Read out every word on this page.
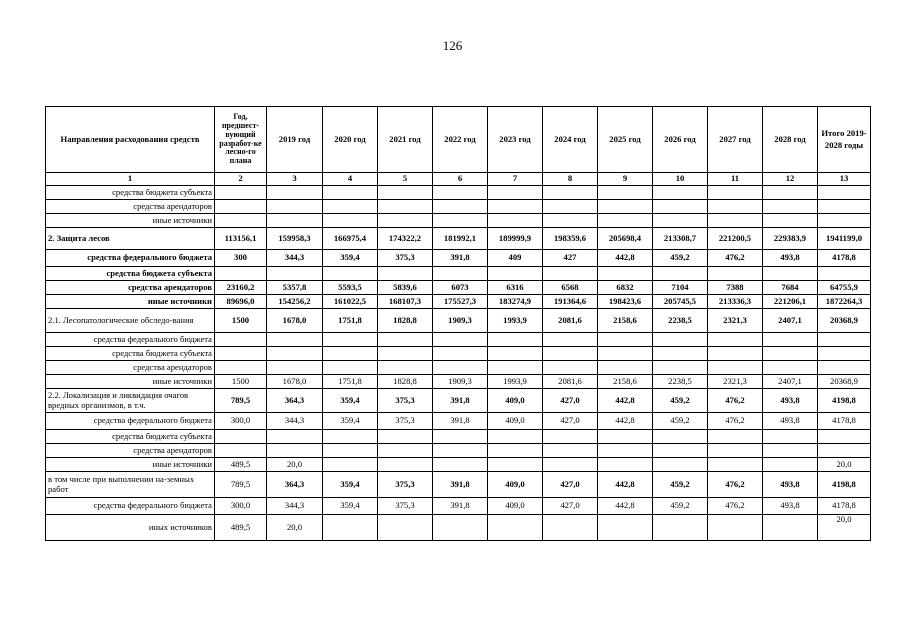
126
Направления расходования средств	Год, предшест-вующий разработ-ке лесно-го плана	2019 год	2020 год	2021 год	2022 год	2023 год	2024 год	2025 год	2026 год	2027 год	2028 год	Итого 2019-2028 годы
1	2	3	4	5	6	7	8	9	10	11	12	13
средства бюджета субъекта												
средства арендаторов												
иные источники												
2. Защита лесов	113156,1	159958,3	166975,4	174322,2	181992,1	189999,9	198359,6	205698,4	213308,7	221200,5	229383,9	1941199,0
средства федерального бюджета	300	344,3	359,4	375,3	391,8	409	427	442,8	459,2	476,2	493,8	4178,8
средства бюджета субъекта												
средства арендаторов	23160,2	5357,8	5593,5	5839,6	6073	6316	6568	6832	7104	7388	7684	64755,9
иные источники	89696,0	154256,2	161022,5	168107,3	175527,3	183274,9	191364,6	198423,6	205745,5	213336,3	221206,1	1872264,3
2.1. Лесопатологические обследо-вания	1500	1678,0	1751,8	1828,8	1909,3	1993,9	2081,6	2158,6	2238,5	2321,3	2407,1	20368,9
средства федерального бюджета												
средства бюджета субъекта												
средства арендаторов												
иные источники	1500	1678,0	1751,8	1828,8	1909,3	1993,9	2081,6	2158,6	2238,5	2321,3	2407,1	20368,9
2.2. Локализация и ликвидация очагов вредных организмов, в т.ч.	789,5	364,3	359,4	375,3	391,8	409,0	427,0	442,8	459,2	476,2	493,8	4198,8
средства федерального бюджета	300,0	344,3	359,4	375,3	391,8	409,0	427,0	442,8	459,2	476,2	493,8	4178,8
средства бюджета субъекта												
средства арендаторов												
иные источники	489,5	20,0										20,0
в том числе при выполнении на-земных работ	789,5	364,3	359,4	375,3	391,8	409,0	427,0	442,8	459,2	476,2	493,8	4198,8
средства федерального бюджета	300,0	344,3	359,4	375,3	391,8	409,0	427,0	442,8	459,2	476,2	493,8	4178,8
иных источников	489,5	20,0										20,0
